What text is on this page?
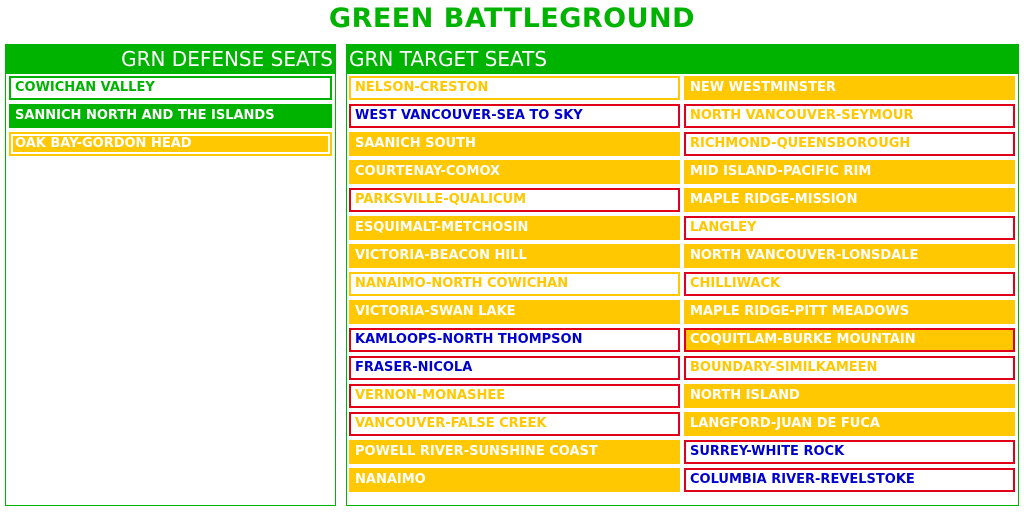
GREEN BATTLEGROUND
GRN DEFENSE SEATS
COWICHAN VALLEY
SANNICH NORTH AND THE ISLANDS
OAK BAY-GORDON HEAD
GRN TARGET SEATS
NELSON-CRESTON
WEST VANCOUVER-SEA TO SKY
SAANICH SOUTH
COURTENAY-COMOX
PARKSVILLE-QUALICUM
ESQUIMALT-METCHOSIN
VICTORIA-BEACON HILL
NANAIMO-NORTH COWICHAN
VICTORIA-SWAN LAKE
KAMLOOPS-NORTH THOMPSON
FRASER-NICOLA
VERNON-MONASHEE
VANCOUVER-FALSE CREEK
POWELL RIVER-SUNSHINE COAST
NANAIMO
NEW WESTMINSTER
NORTH VANCOUVER-SEYMOUR
RICHMOND-QUEENSBOROUGH
MID ISLAND-PACIFIC RIM
MAPLE RIDGE-MISSION
LANGLEY
NORTH VANCOUVER-LONSDALE
CHILLIWACK
MAPLE RIDGE-PITT MEADOWS
COQUITLAM-BURKE MOUNTAIN
BOUNDARY-SIMILKAMEEN
NORTH ISLAND
LANGFORD-JUAN DE FUCA
SURREY-WHITE ROCK
COLUMBIA RIVER-REVELSTOKE
